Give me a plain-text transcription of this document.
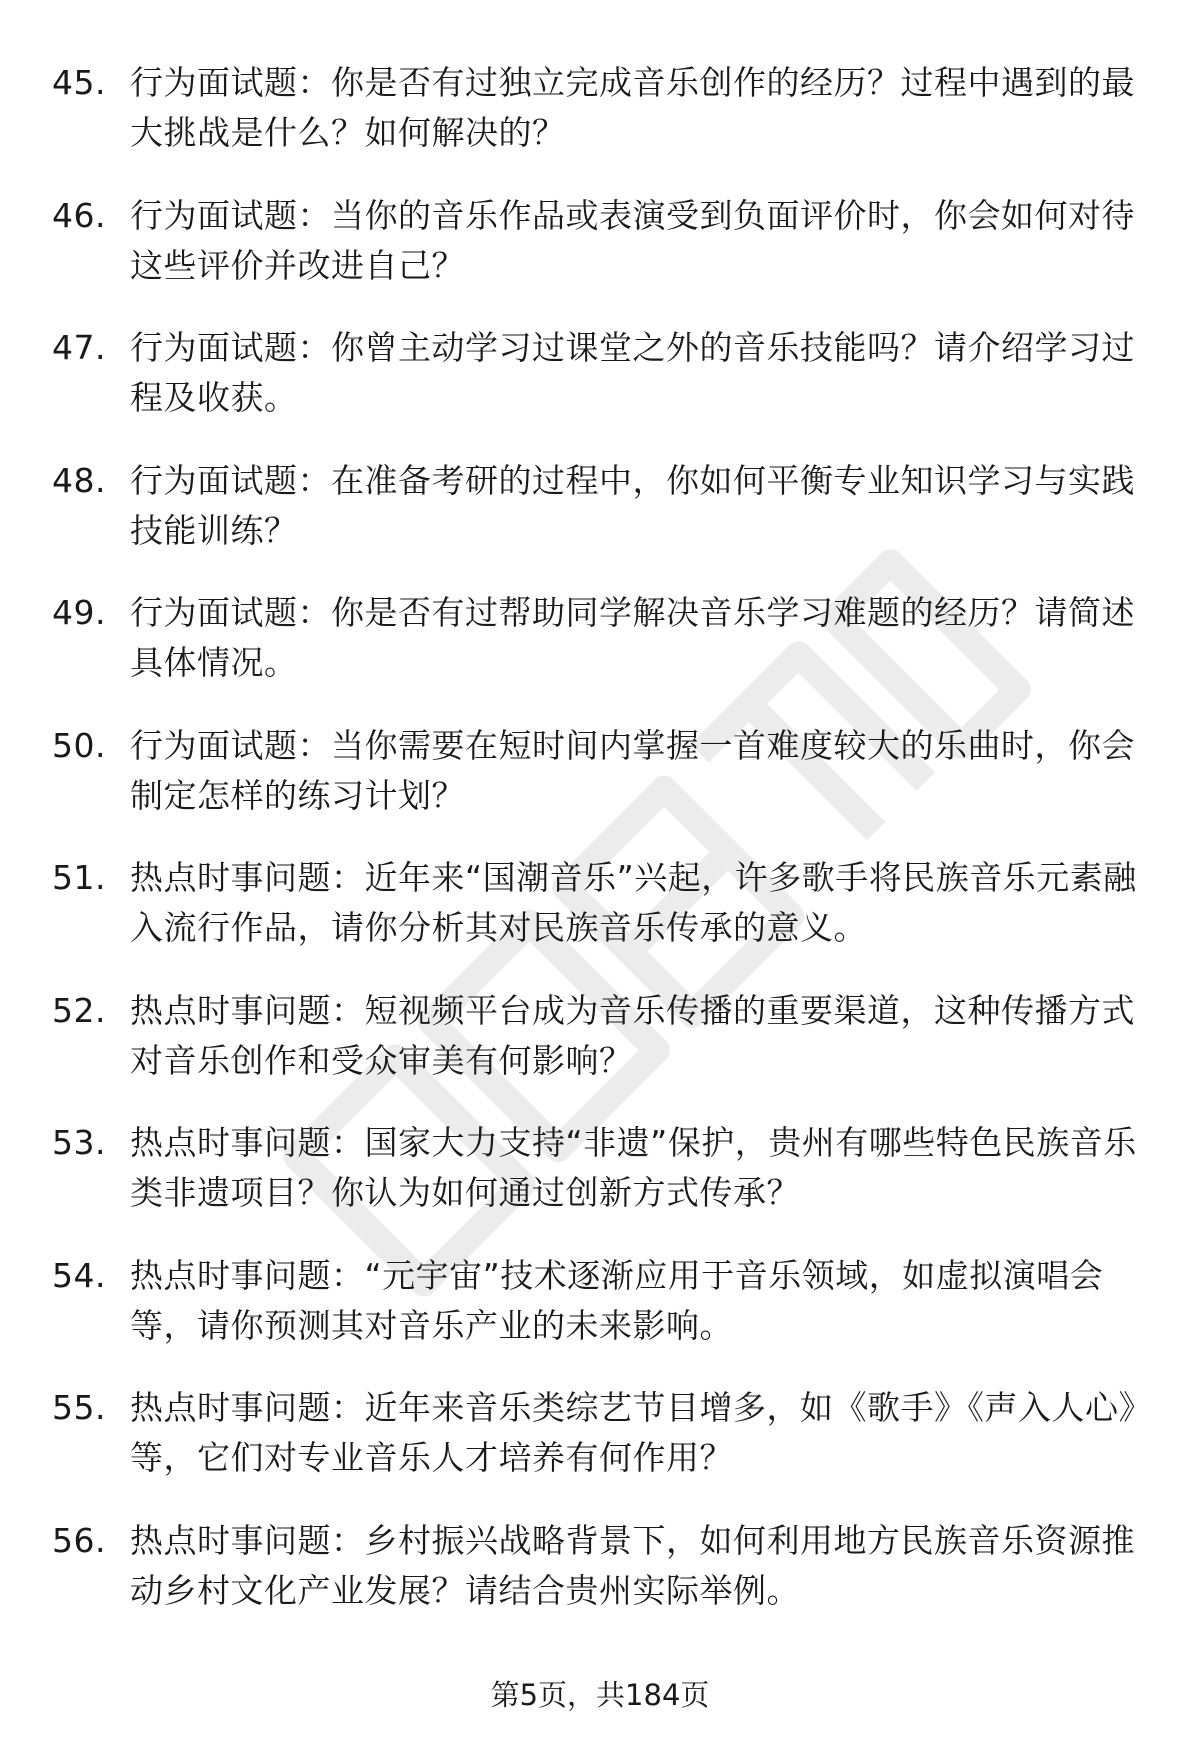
45. 行为面试题：你是否有过独立完成音乐创作的经历？过程中遇到的最大挑战是什么？如何解决的？
46. 行为面试题：当你的音乐作品或表演受到负面评价时，你会如何对待这些评价并改进自己？
47. 行为面试题：你曾主动学习过课堂之外的音乐技能吗？请介绍学习过程及收获。
48. 行为面试题：在准备考研的过程中，你如何平衡专业知识学习与实践技能训练？
49. 行为面试题：你是否有过帮助同学解决音乐学习难题的经历？请简述具体情况。
50. 行为面试题：当你需要在短时间内掌握一首难度较大的乐曲时，你会制定怎样的练习计划？
51. 热点时事问题：近年来“国潮音乐”兴起，许多歌手将民族音乐元素融入流行作品，请你分析其对民族音乐传承的意义。
52. 热点时事问题：短视频平台成为音乐传播的重要渠道，这种传播方式对音乐创作和受众审美有何影响？
53. 热点时事问题：国家大力支持“非遗”保护，贵州有哪些特色民族音乐类非遗项目？你认为如何通过创新方式传承？
54. 热点时事问题：“元宇宙”技术逐渐应用于音乐领域，如虚拟演唱会等，请你预测其对音乐产业的未来影响。
55. 热点时事问题：近年来音乐类综艺节目增多，如《歌手》《声入人心》等，它们对专业音乐人才培养有何作用？
56. 热点时事问题：乡村振兴战略背景下，如何利用地方民族音乐资源推动乡村文化产业发展？请结合贵州实际举例。
第5页，共184页
